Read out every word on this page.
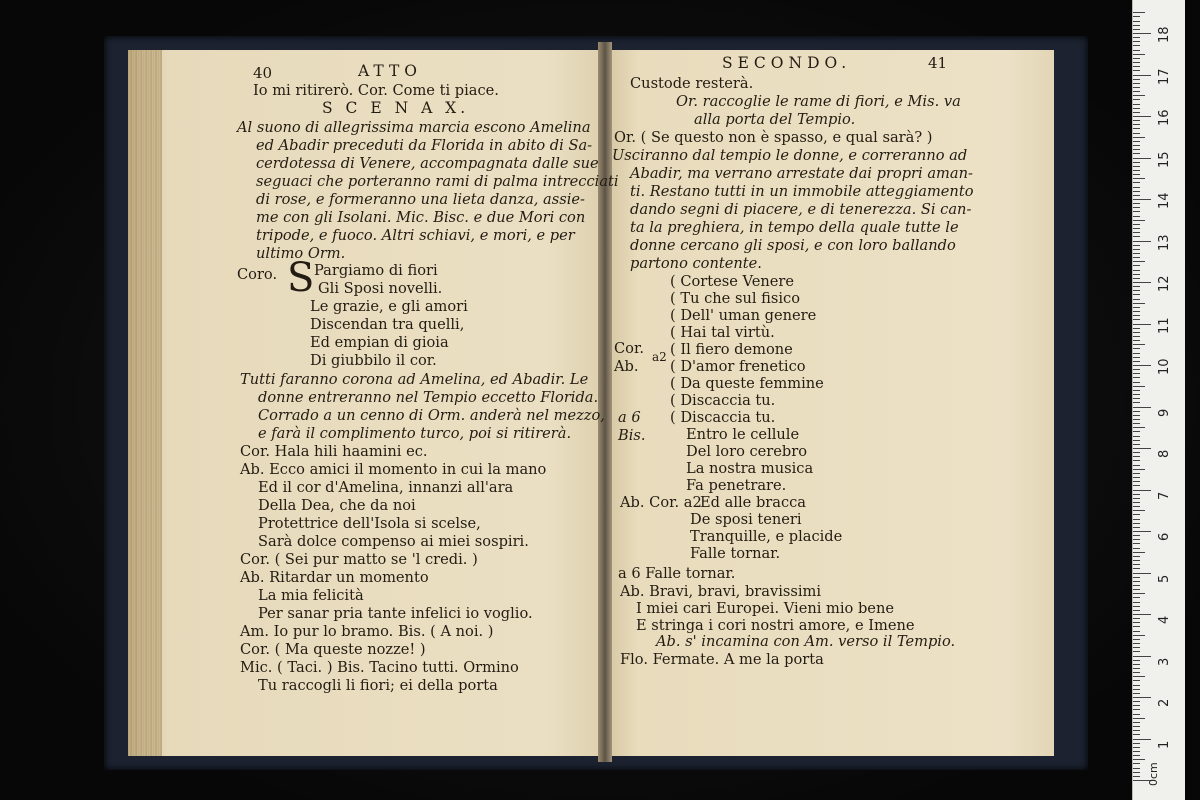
40	ATTO
Io mi ritirerò. Cor. Come ti piace.
S C E N A X.
Al suono di allegrissima marcia escono Amelina
ed Abadir preceduti da Florida in abito di Sa-
cerdotessa di Venere, accompagnata dalle sue
seguaci che porteranno rami di palma intrecciati
di rose, e formeranno una lieta danza, assie-
me con gli Isolani. Mic. Bisc. e due Mori con
tripode, e fuoco. Altri schiavi, e mori, e per
ultimo Orm.
Coro. S Pargiamo di fiori
Gli Sposi novelli.
Le grazie, e gli amori
Discendan tra quelli,
Ed empian di gioia
Di giubbilo il cor.
Tutti faranno corona ad Amelina, ed Abadir. Le
donne entreranno nel Tempio eccetto Florida.
Corrado a un cenno di Orm. anderà nel mezzo,
e farà il complimento turco, poi si ritirerà.
Cor. Hala hili haamini ec.
Ab. Ecco amici il momento in cui la mano
Ed il cor d'Amelina, innanzi all'ara
Della Dea, che da noi
Protettrice dell'Isola si scelse,
Sarà dolce compenso ai miei sospiri.
Cor. ( Sei pur matto se 'l credi. )
Ab. Ritardar un momento
La mia felicità
Per sanar pria tante infelici io voglio.
Am. Io pur lo bramo. Bis. ( A noi. )
Cor. ( Ma queste nozze! )
Mic. ( Taci. ) Bis. Tacino tutti. Ormino
Tu raccogli li fiori; ei della porta
SECONDO.	41
Custode resterà.
Or. raccoglie le rame di fiori, e Mis. va
alla porta del Tempio.
Or. ( Se questo non è spasso, e qual sarà? )
Usciranno dal tempio le donne, e correranno ad
Abadir, ma verrano arrestate dai propri aman-
ti. Restano tutti in un immobile atteggiamento
dando segni di piacere, e di tenerezza. Si can-
ta la preghiera, in tempo della quale tutte le
donne cercano gli sposi, e con loro ballando
partono contente.
( Cortese Venere
( Tu che sul fisico
( Dell' uman genere
( Hai tal virtù.
Cor. a2 ( Il fiero demone
Ab. ( D'amor frenetico
( Da queste femmine
( Discaccia tu.
a 6 ( Discaccia tu.
Bis.	Entro le cellule
Del loro cerebro
La nostra musica
Fa penetrare.
Ab. Cor. a2
Ed alle bracca
De sposi teneri
Tranquille, e placide
Falle tornar.
a 6 Falle tornar.
Ab. Bravi, bravi, bravissimi
I miei cari Europei. Vieni mio bene
E stringa i cori nostri amore, e Imene
Ab. s' incamina con Am. verso il Tempio.
Flo. Fermate. A me la porta
1
2
3
4
5
6
7
8
9
10
11
12
13
14
15
16
17
18
0cm
